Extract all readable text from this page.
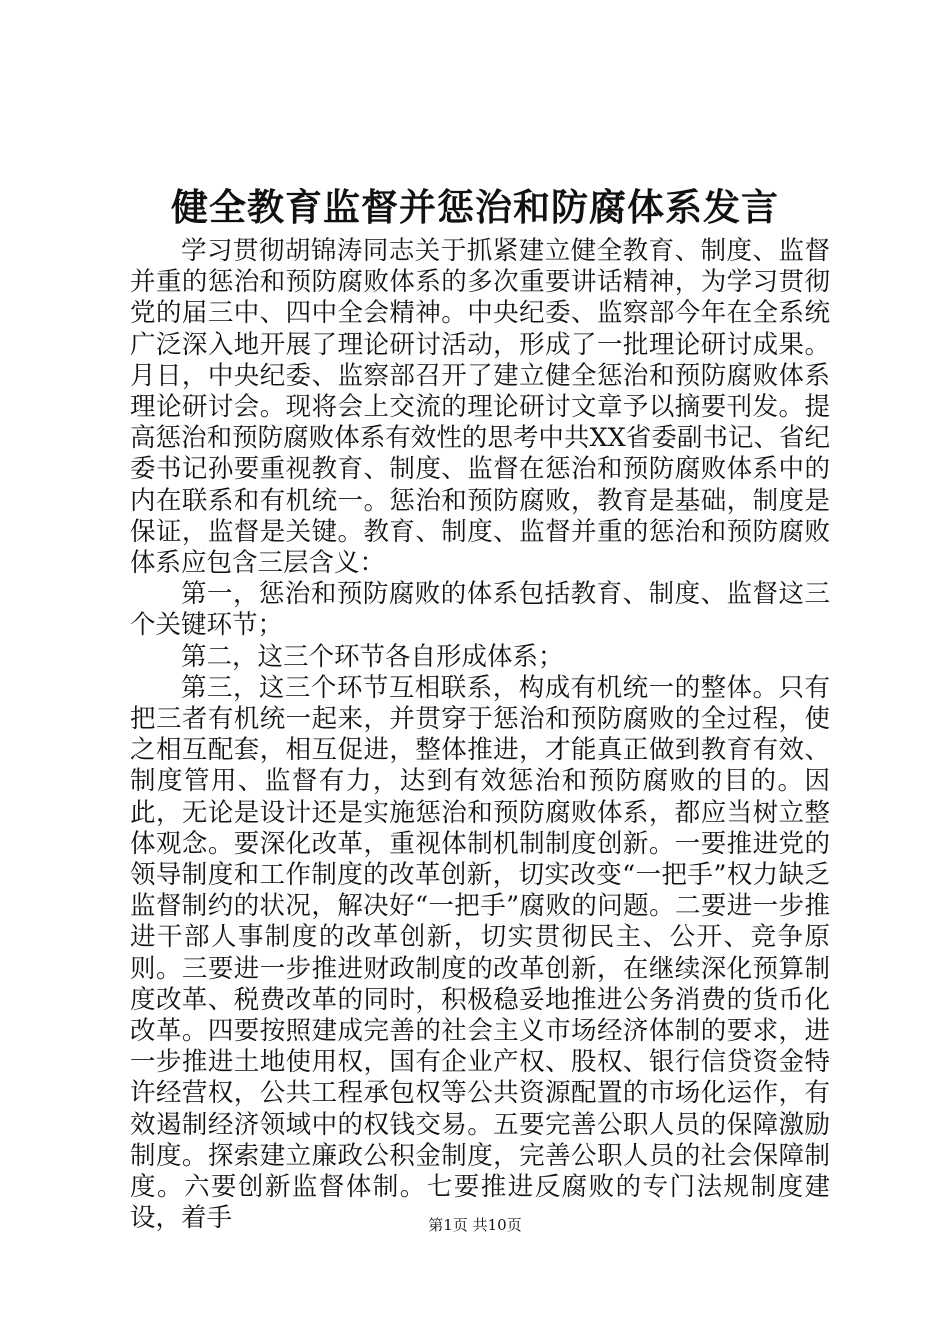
健全教育监督并惩治和防腐体系发言

学习贯彻胡锦涛同志关于抓紧建立健全教育、制度、监督并重的惩治和预防腐败体系的多次重要讲话精神，为学习贯彻党的届三中、四中全会精神。中央纪委、监察部今年在全系统广泛深入地开展了理论研讨活动，形成了一批理论研讨成果。月日，中央纪委、监察部召开了建立健全惩治和预防腐败体系理论研讨会。现将会上交流的理论研讨文章予以摘要刊发。提高惩治和预防腐败体系有效性的思考中共XX省委副书记、省纪委书记孙要重视教育、制度、监督在惩治和预防腐败体系中的内在联系和有机统一。惩治和预防腐败，教育是基础，制度是保证，监督是关键。教育、制度、监督并重的惩治和预防腐败体系应包含三层含义：

第一，惩治和预防腐败的体系包括教育、制度、监督这三个关键环节；

第二，这三个环节各自形成体系；

第三，这三个环节互相联系，构成有机统一的整体。只有把三者有机统一起来，并贯穿于惩治和预防腐败的全过程，使之相互配套，相互促进，整体推进，才能真正做到教育有效、制度管用、监督有力，达到有效惩治和预防腐败的目的。因此，无论是设计还是实施惩治和预防腐败体系，都应当树立整体观念。要深化改革，重视体制机制制度创新。一要推进党的领导制度和工作制度的改革创新，切实改变“一把手”权力缺乏监督制约的状况，解决好“一把手”腐败的问题。二要进一步推进干部人事制度的改革创新，切实贯彻民主、公开、竞争原则。三要进一步推进财政制度的改革创新，在继续深化预算制度改革、税费改革的同时，积极稳妥地推进公务消费的货币化改革。四要按照建成完善的社会主义市场经济体制的要求，进一步推进土地使用权，国有企业产权、股权、银行信贷资金特许经营权，公共工程承包权等公共资源配置的市场化运作，有效遏制经济领域中的权钱交易。五要完善公职人员的保障激励制度。探索建立廉政公积金制度，完善公职人员的社会保障制度。六要创新监督体制。七要推进反腐败的专门法规制度建设，着手	第1页 共10页
